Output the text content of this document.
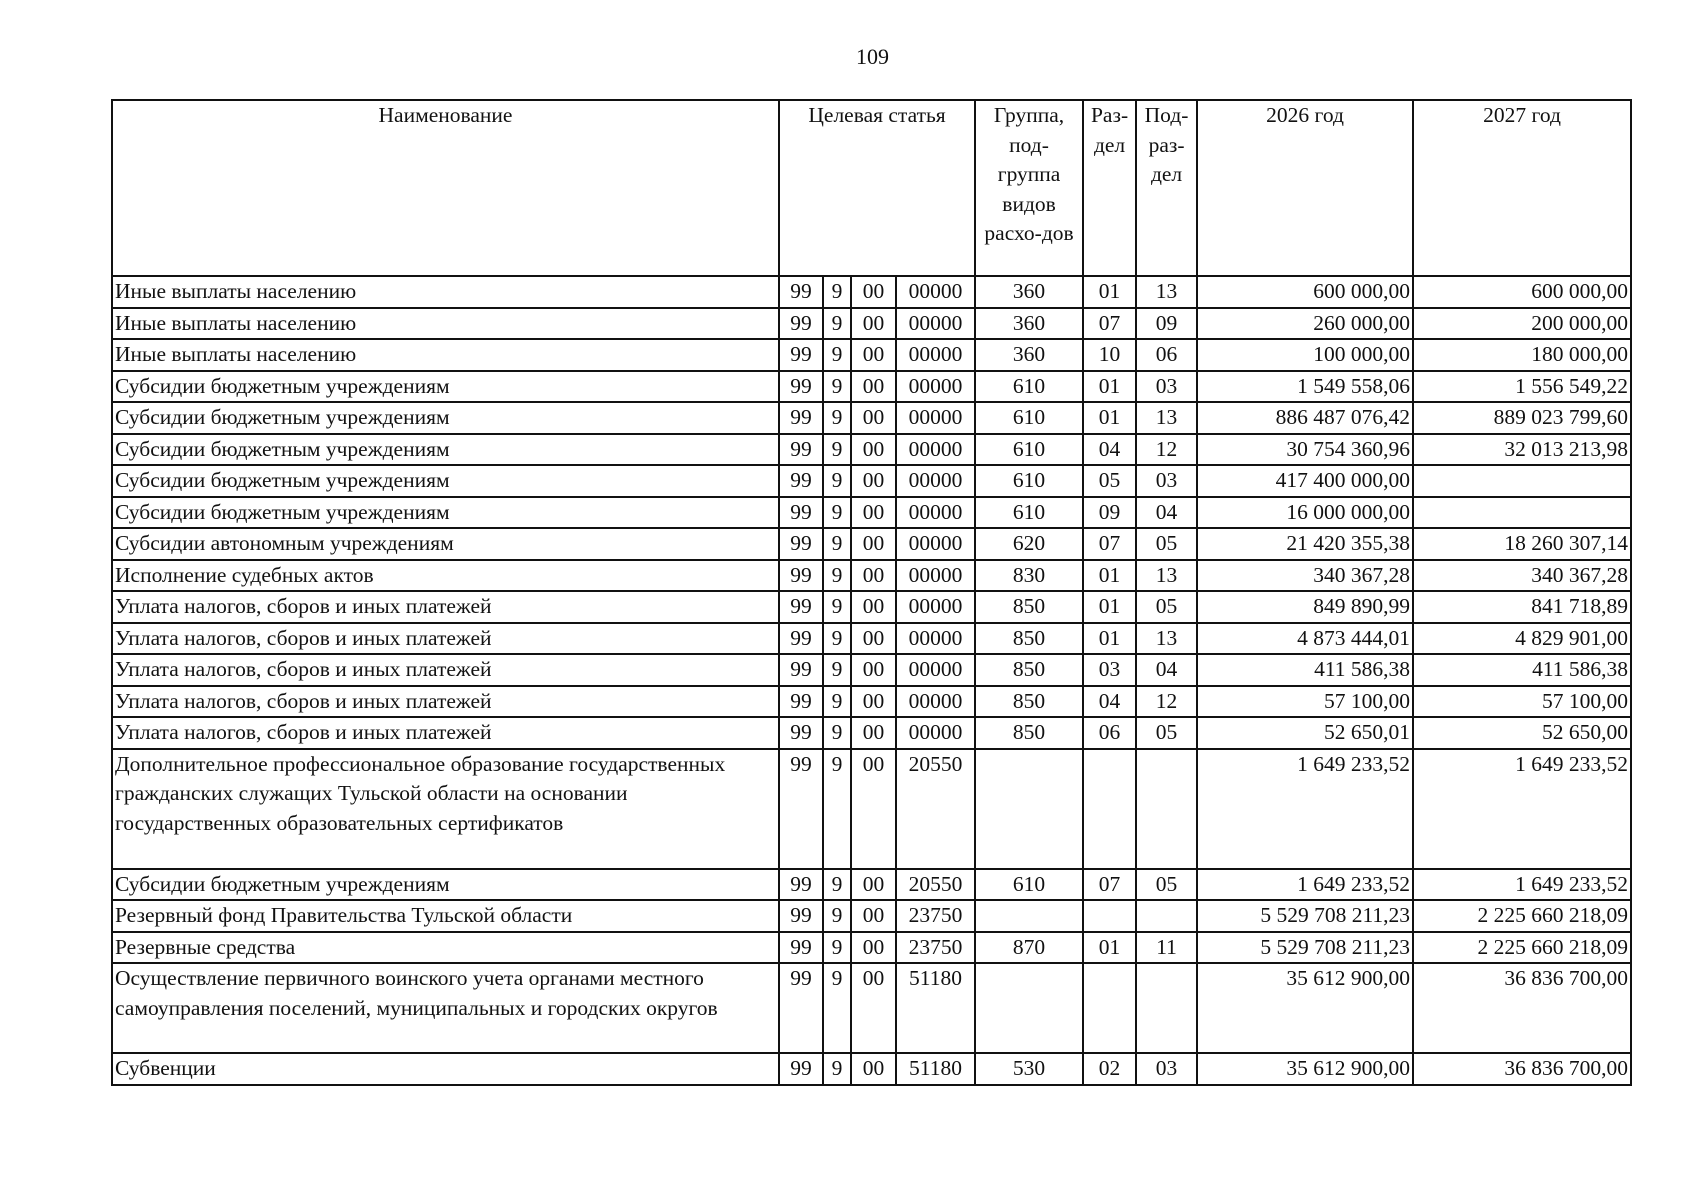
109
Наименование	Целевая статья				Группа, под-группа видов расхо-дов	Раз-дел	Под-раз-дел	2026 год	2027 год
Иные выплаты населению	99	9	00	00000	360	01	13	600 000,00	600 000,00
Иные выплаты населению	99	9	00	00000	360	07	09	260 000,00	200 000,00
Иные выплаты населению	99	9	00	00000	360	10	06	100 000,00	180 000,00
Субсидии бюджетным учреждениям	99	9	00	00000	610	01	03	1 549 558,06	1 556 549,22
Субсидии бюджетным учреждениям	99	9	00	00000	610	01	13	886 487 076,42	889 023 799,60
Субсидии бюджетным учреждениям	99	9	00	00000	610	04	12	30 754 360,96	32 013 213,98
Субсидии бюджетным учреждениям	99	9	00	00000	610	05	03	417 400 000,00	
Субсидии бюджетным учреждениям	99	9	00	00000	610	09	04	16 000 000,00	
Субсидии автономным учреждениям	99	9	00	00000	620	07	05	21 420 355,38	18 260 307,14
Исполнение судебных актов	99	9	00	00000	830	01	13	340 367,28	340 367,28
Уплата налогов, сборов и иных платежей	99	9	00	00000	850	01	05	849 890,99	841 718,89
Уплата налогов, сборов и иных платежей	99	9	00	00000	850	01	13	4 873 444,01	4 829 901,00
Уплата налогов, сборов и иных платежей	99	9	00	00000	850	03	04	411 586,38	411 586,38
Уплата налогов, сборов и иных платежей	99	9	00	00000	850	04	12	57 100,00	57 100,00
Уплата налогов, сборов и иных платежей	99	9	00	00000	850	06	05	52 650,01	52 650,00
Дополнительное профессиональное образование государственных гражданских служащих Тульской области на основании государственных образовательных сертификатов	99	9	00	20550				1 649 233,52	1 649 233,52
Субсидии бюджетным учреждениям	99	9	00	20550	610	07	05	1 649 233,52	1 649 233,52
Резервный фонд Правительства Тульской области	99	9	00	23750				5 529 708 211,23	2 225 660 218,09
Резервные средства	99	9	00	23750	870	01	11	5 529 708 211,23	2 225 660 218,09
Осуществление первичного воинского учета органами местного самоуправления поселений, муниципальных и городских округов	99	9	00	51180				35 612 900,00	36 836 700,00
Субвенции	99	9	00	51180	530	02	03	35 612 900,00	36 836 700,00
